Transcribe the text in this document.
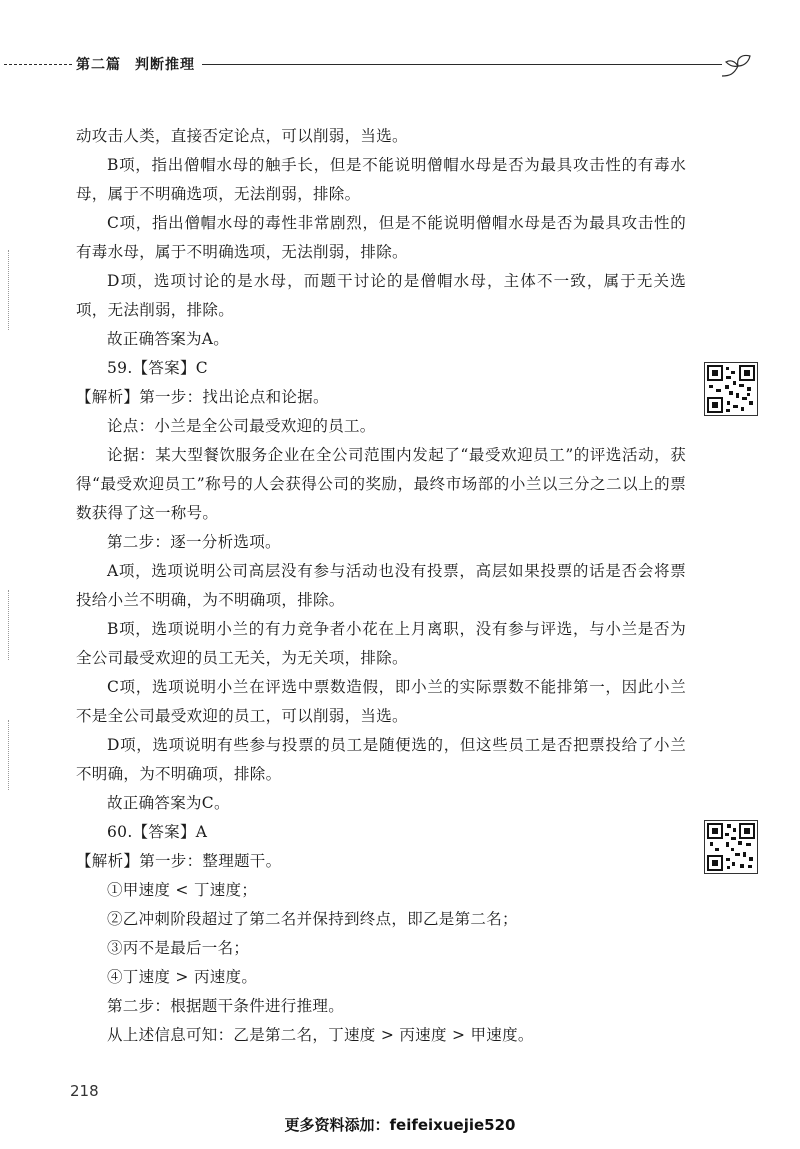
第二篇 判断推理

动攻击人类，直接否定论点，可以削弱，当选。

B项，指出僧帽水母的触手长，但是不能说明僧帽水母是否为最具攻击性的有毒水母，属于不明确选项，无法削弱，排除。

C项，指出僧帽水母的毒性非常剧烈，但是不能说明僧帽水母是否为最具攻击性的有毒水母，属于不明确选项，无法削弱，排除。

D项，选项讨论的是水母，而题干讨论的是僧帽水母，主体不一致，属于无关选项，无法削弱，排除。

故正确答案为A。

59.【答案】C

【解析】第一步：找出论点和论据。

论点：小兰是全公司最受欢迎的员工。

论据：某大型餐饮服务企业在全公司范围内发起了“最受欢迎员工”的评选活动，获得“最受欢迎员工”称号的人会获得公司的奖励，最终市场部的小兰以三分之二以上的票数获得了这一称号。

第二步：逐一分析选项。

A项，选项说明公司高层没有参与活动也没有投票，高层如果投票的话是否会将票投给小兰不明确，为不明确项，排除。

B项，选项说明小兰的有力竞争者小花在上月离职，没有参与评选，与小兰是否为全公司最受欢迎的员工无关，为无关项，排除。

C项，选项说明小兰在评选中票数造假，即小兰的实际票数不能排第一，因此小兰不是全公司最受欢迎的员工，可以削弱，当选。

D项，选项说明有些参与投票的员工是随便选的，但这些员工是否把票投给了小兰不明确，为不明确项，排除。

故正确答案为C。

60.【答案】A

【解析】第一步：整理题干。

①甲速度 < 丁速度；

②乙冲刺阶段超过了第二名并保持到终点，即乙是第二名；

③丙不是最后一名；

④丁速度 > 丙速度。

第二步：根据题干条件进行推理。

从上述信息可知：乙是第二名，丁速度 > 丙速度 > 甲速度。

218
更多资料添加：feifeixuejie520
